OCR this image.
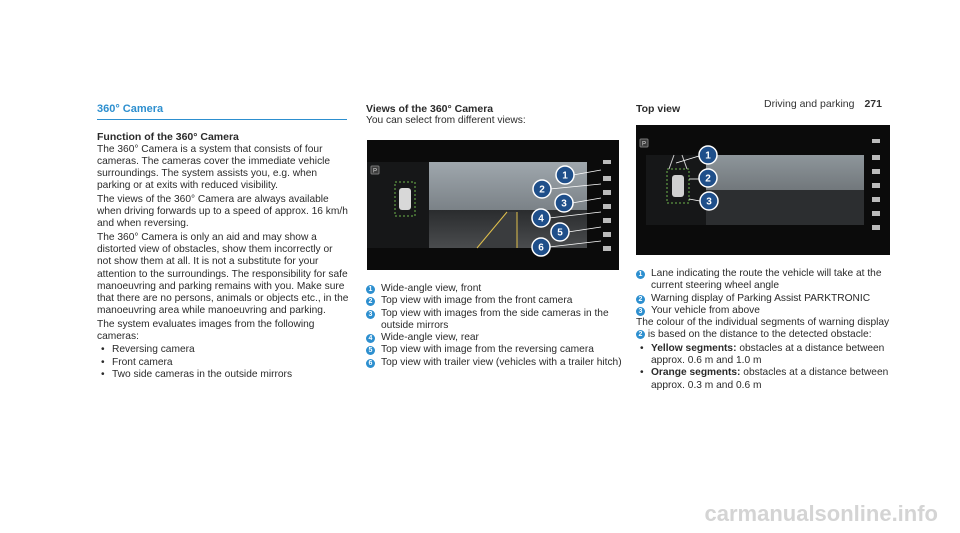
Driving and parking 271
360° Camera
Function of the 360° Camera

The 360° Camera is a system that consists of four cameras. The cameras cover the immediate vehicle surroundings. The system assists you, e.g. when parking or at exits with reduced visibility.

The views of the 360° Camera are always available when driving forwards up to a speed of approx. 16 km/h and when reversing.

The 360° Camera is only an aid and may show a distorted view of obstacles, show them incorrectly or not show them at all. It is not a substitute for your attention to the surroundings. The responsibility for safe manoeuvring and parking remains with you. Make sure that there are no persons, animals or objects etc., in the manoeuvring area while manoeuvring and parking.

The system evaluates images from the following cameras:

• Reversing camera
• Front camera
• Two side cameras in the outside mirrors
Views of the 360° Camera

You can select from different views:

P	1
2
3
4
5
6
1 Wide-angle view, front
2 Top view with image from the front camera
3 Top view with images from the side cameras in the outside mirrors
4 Wide-angle view, rear
5 Top view with image from the reversing camera
6 Top view with trailer view (vehicles with a trailer hitch)
Top view
P
1
2
3
1 Lane indicating the route the vehicle will take at the current steering wheel angle
2 Warning display of Parking Assist PARKTRONIC
3 Your vehicle from above

The colour of the individual segments of warning display 2 is based on the distance to the detected obstacle:

• Yellow segments: obstacles at a distance between approx. 0.6 m and 1.0 m
• Orange segments: obstacles at a distance between approx. 0.3 m and 0.6 m
carmanualsonline.info
